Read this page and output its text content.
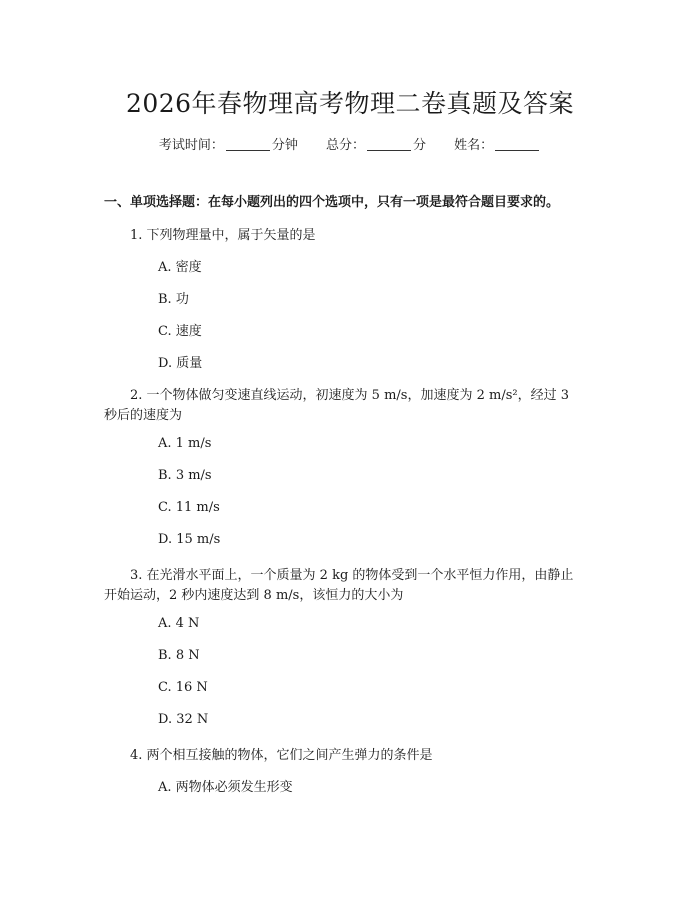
2026年春物理高考物理二卷真题及答案
考试时间：	分钟 总分：	分 姓名：
一、单项选择题：在每小题列出的四个选项中，只有一项是最符合题目要求的。
1. 下列物理量中，属于矢量的是
A. 密度
B. 功
C. 速度
D. 质量
2. 一个物体做匀变速直线运动，初速度为 5 m/s，加速度为 2 m/s²，经过 3
秒后的速度为
A. 1 m/s
B. 3 m/s
C. 11 m/s
D. 15 m/s
3. 在光滑水平面上，一个质量为 2 kg 的物体受到一个水平恒力作用，由静止
开始运动，2 秒内速度达到 8 m/s，该恒力的大小为
A. 4 N
B. 8 N
C. 16 N
D. 32 N
4. 两个相互接触的物体，它们之间产生弹力的条件是
A. 两物体必须发生形变
